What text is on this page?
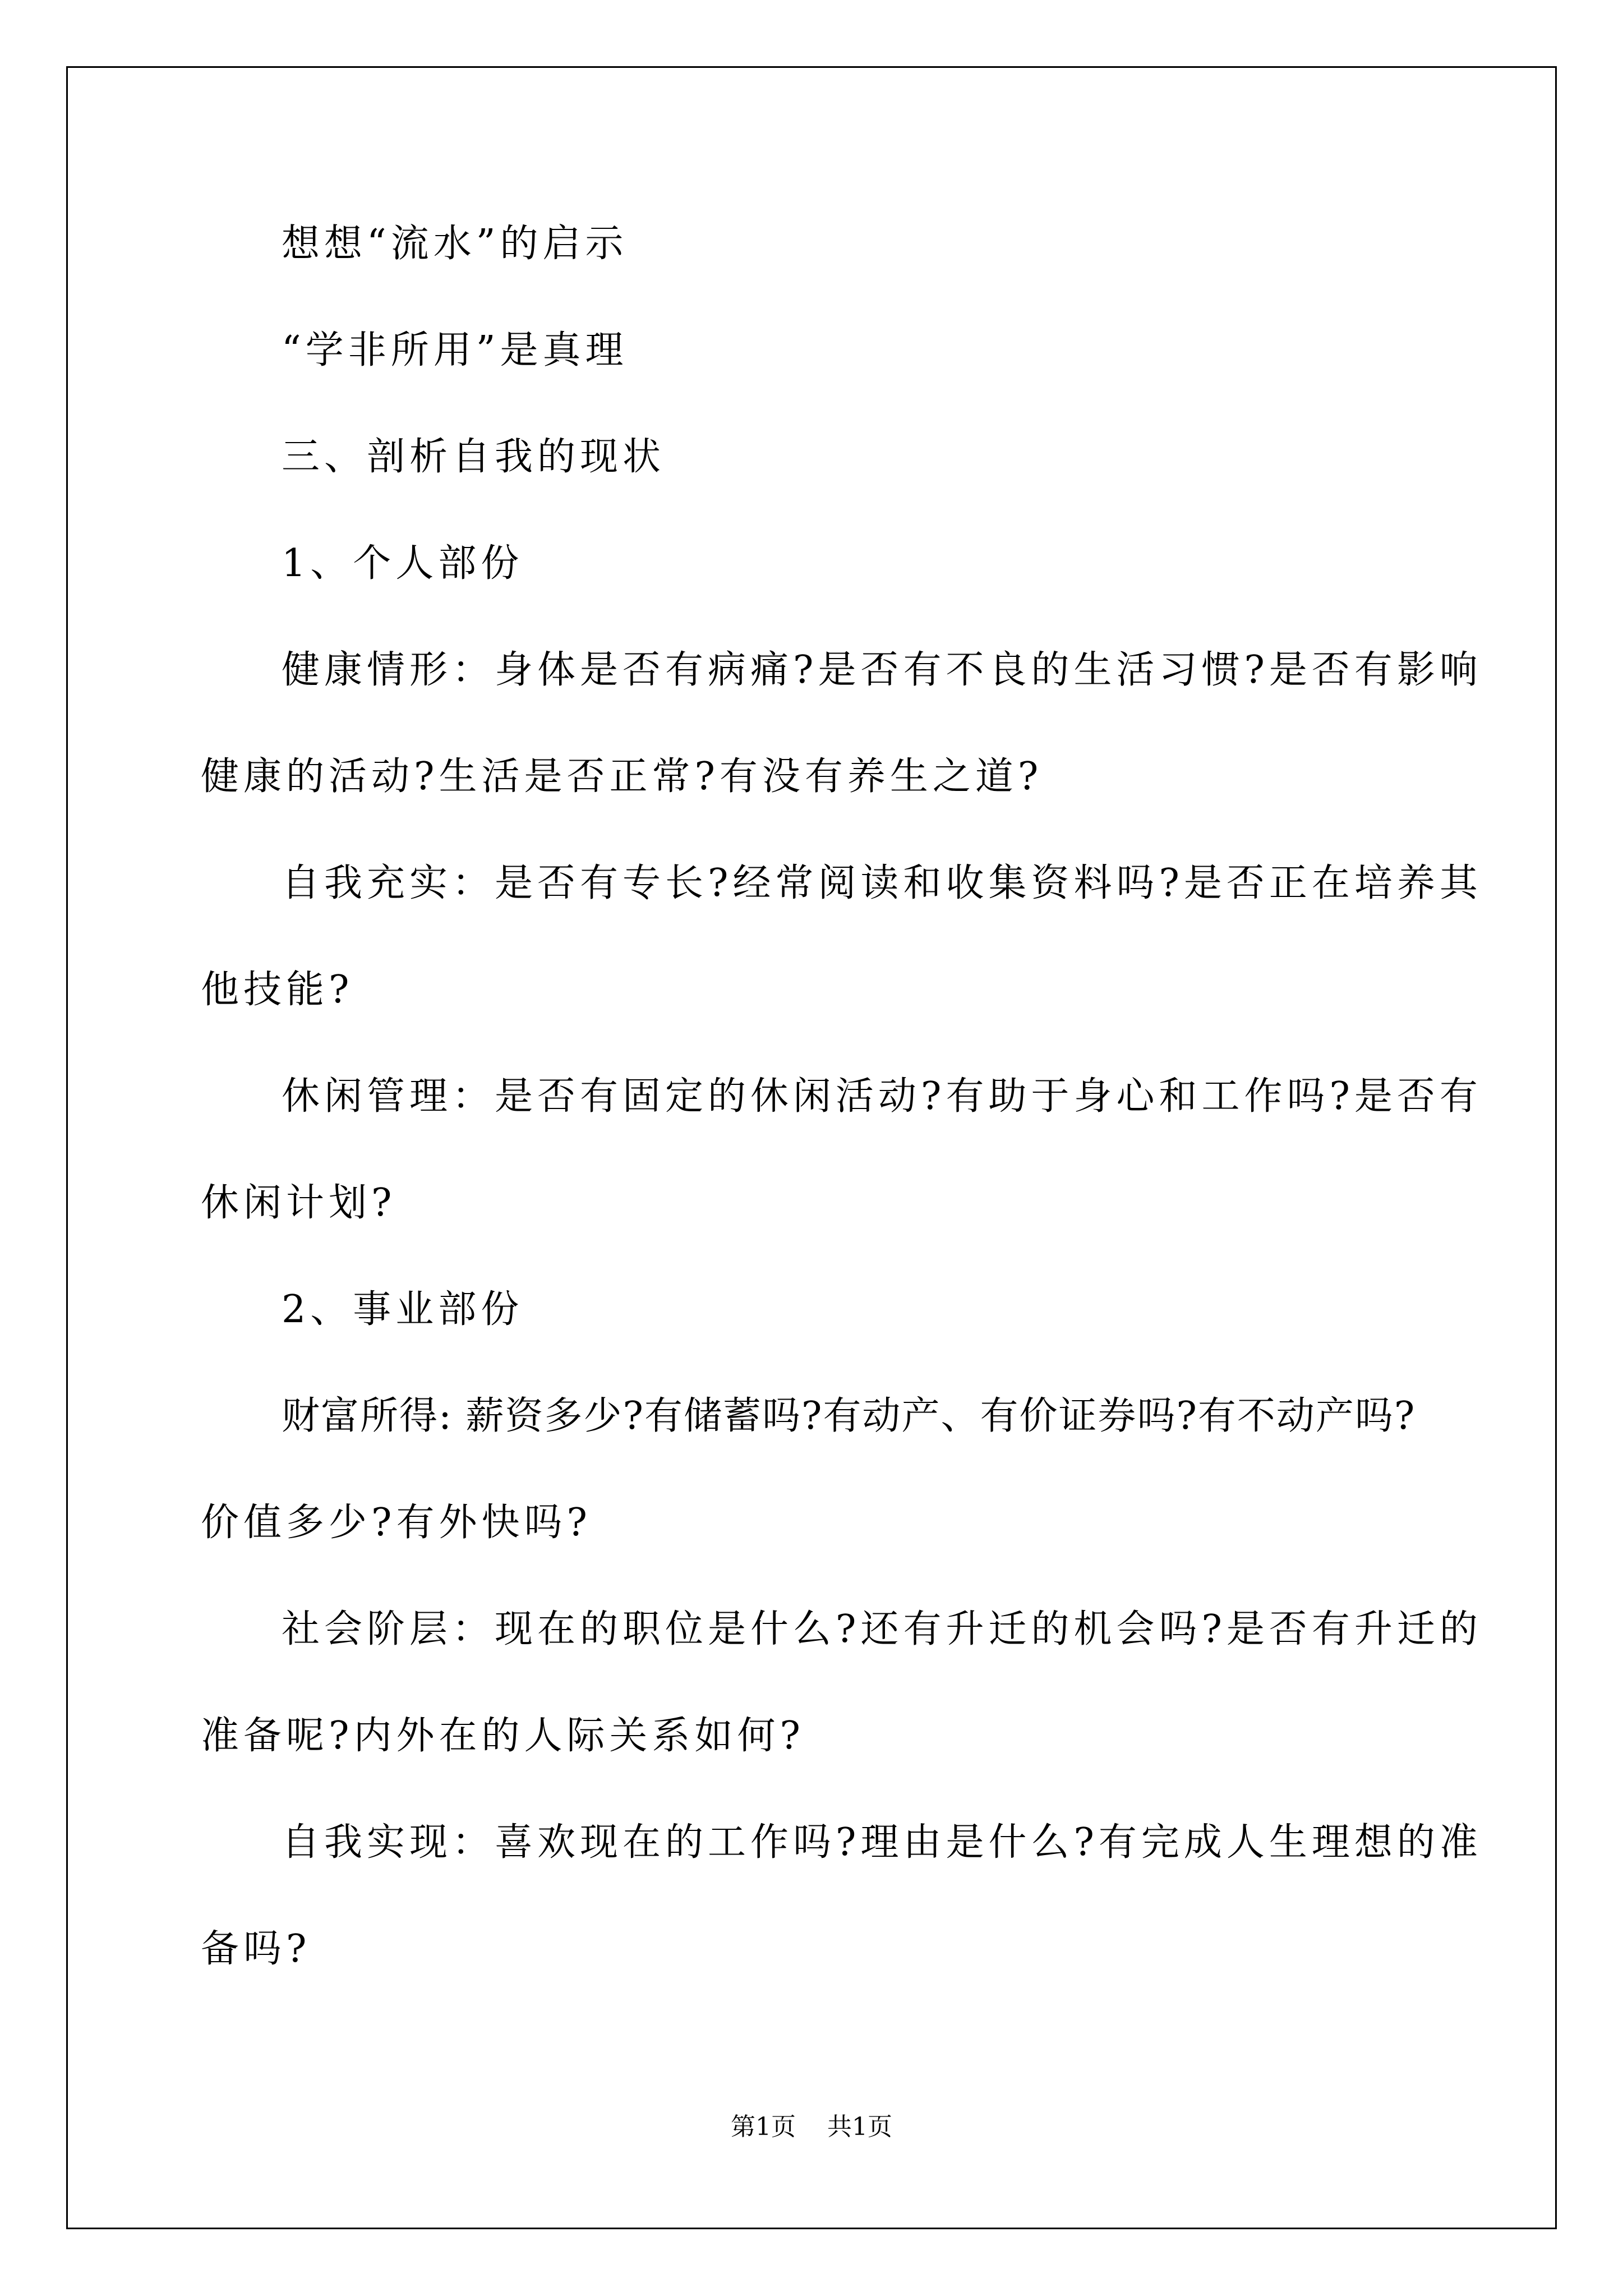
想想“流水”的启示
“学非所用”是真理
三、剖析自我的现状
1、个人部份
健康情形：身体是否有病痛?是否有不良的生活习惯?是否有影响
健康的活动?生活是否正常?有没有养生之道?
自我充实：是否有专长?经常阅读和收集资料吗?是否正在培养其
他技能?
休闲管理：是否有固定的休闲活动?有助于身心和工作吗?是否有
休闲计划?
2、事业部份
财富所得: 薪资多少?有储蓄吗?有动产、有价证券吗?有不动产吗?
价值多少?有外快吗?
社会阶层：现在的职位是什么?还有升迁的机会吗?是否有升迁的
准备呢?内外在的人际关系如何?
自我实现：喜欢现在的工作吗?理由是什么?有完成人生理想的准
备吗?
第1页 共1页
